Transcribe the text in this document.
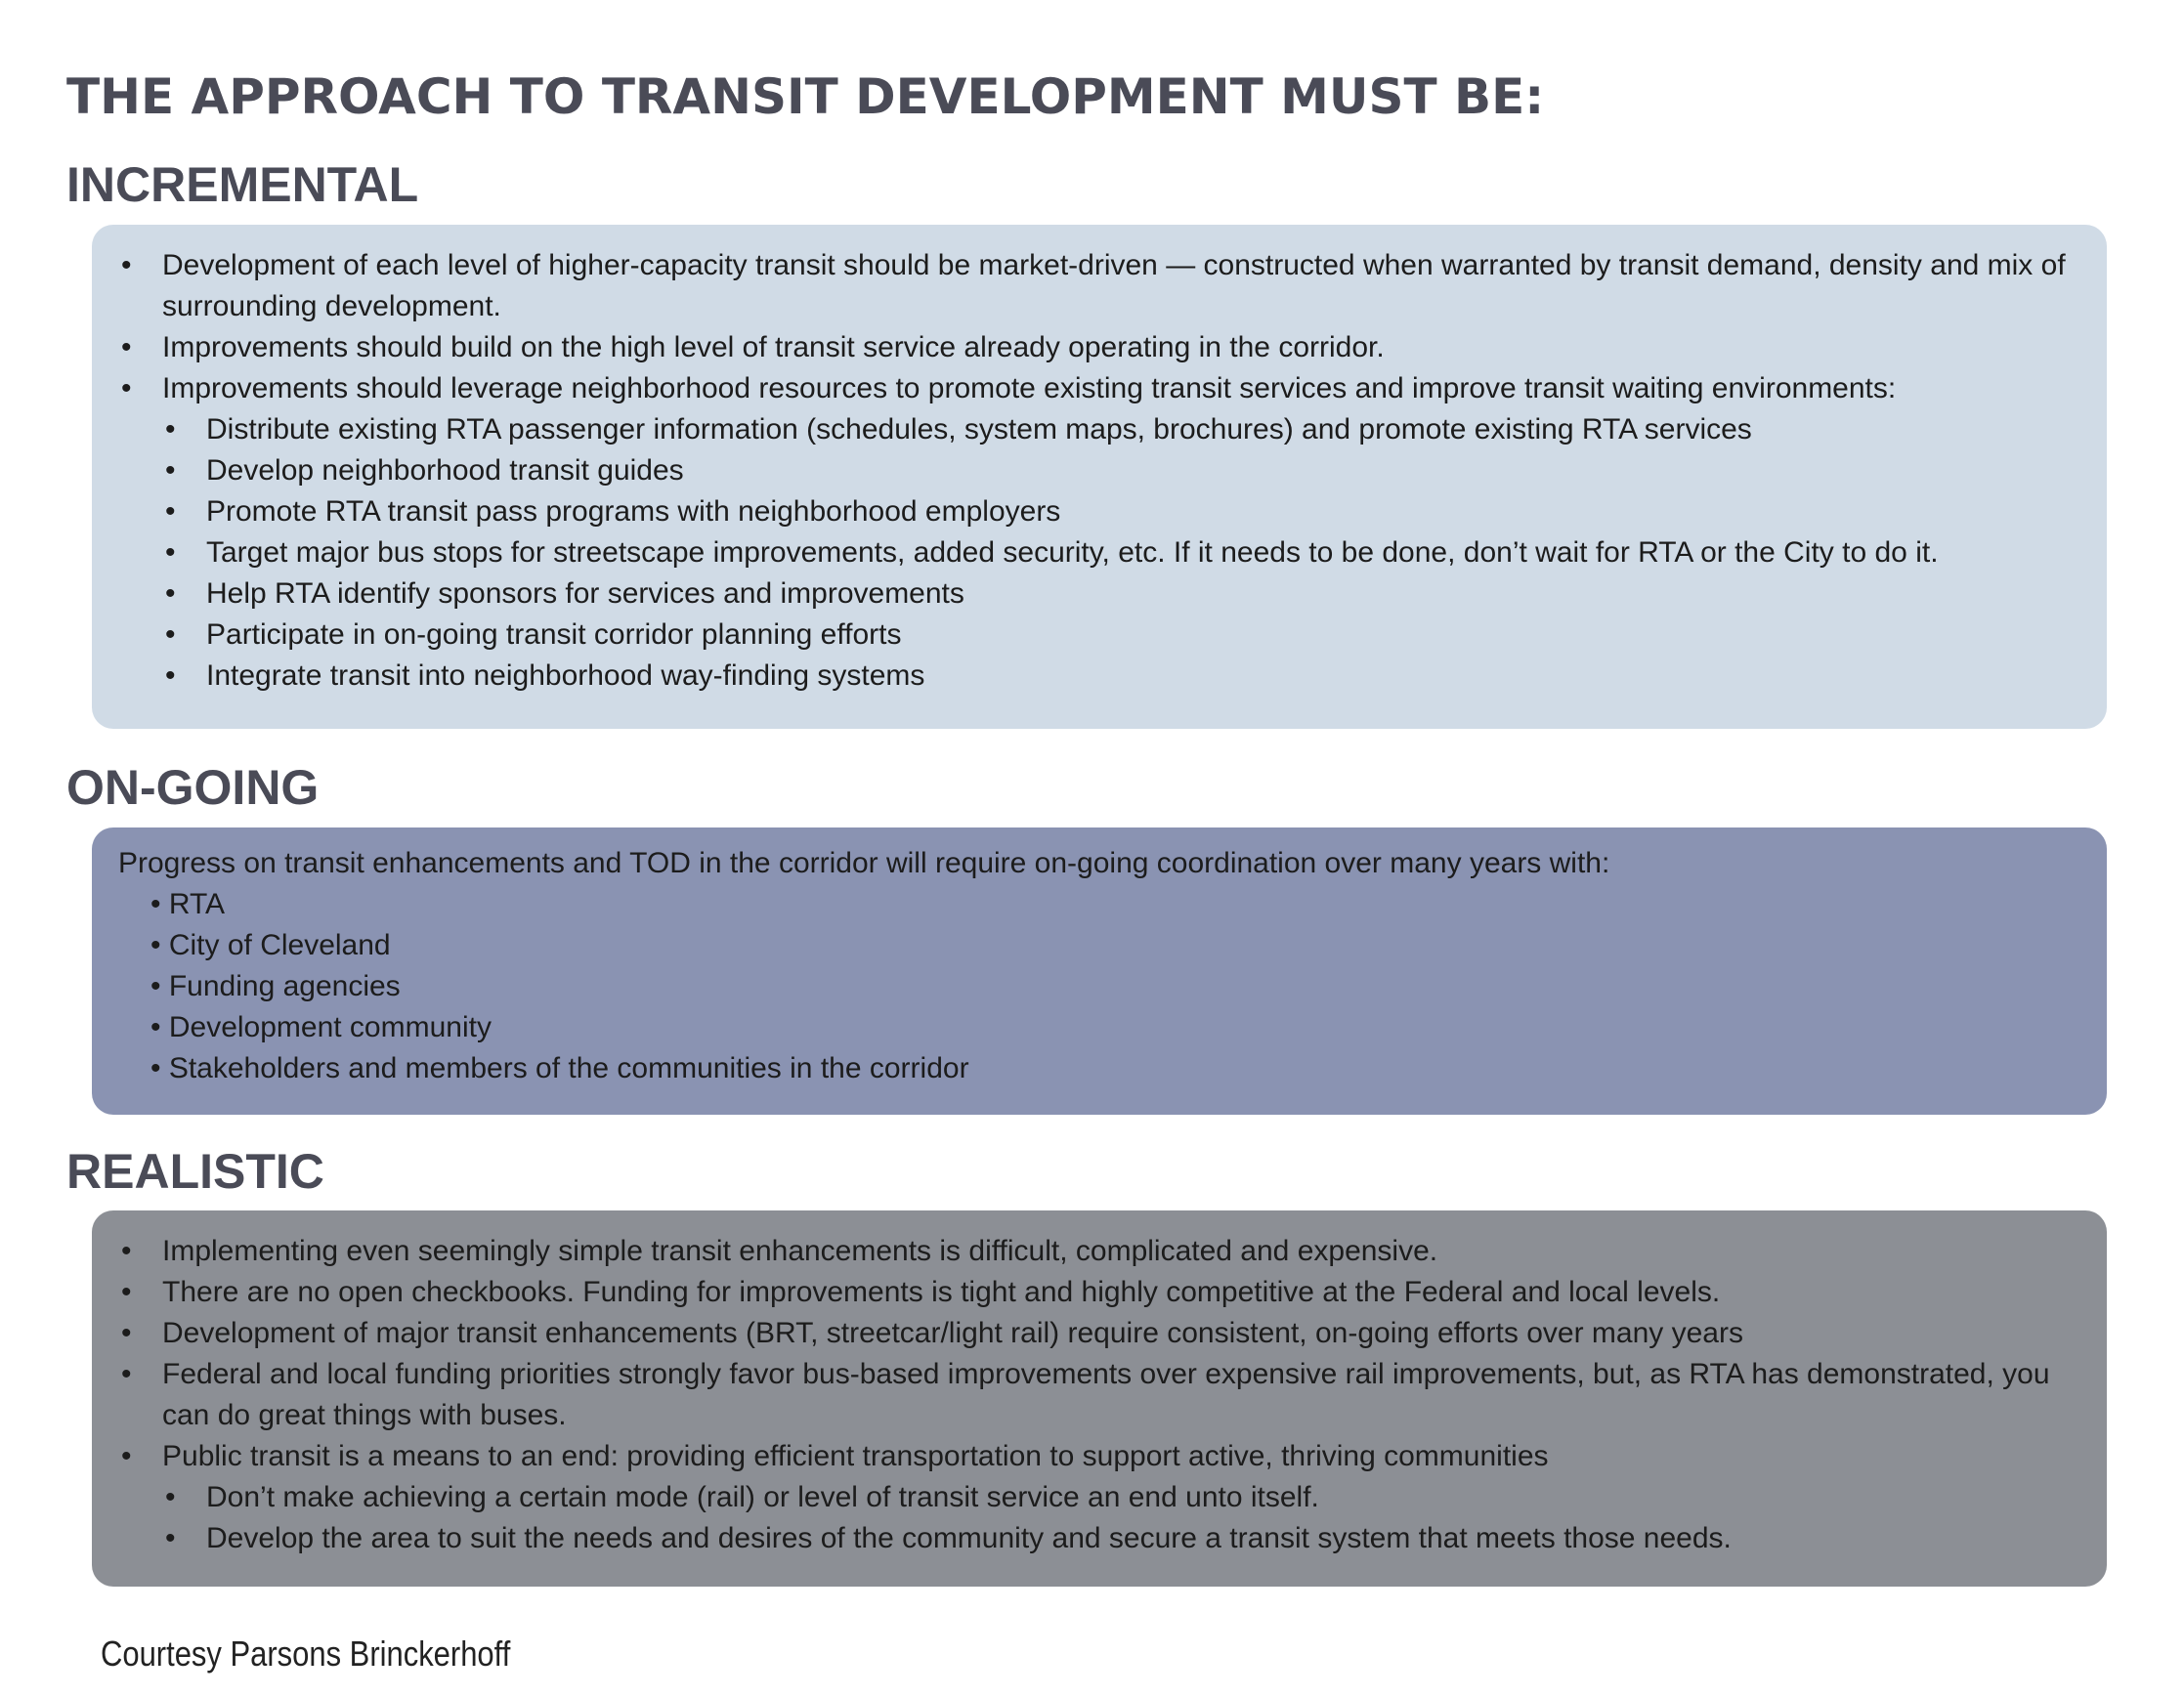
THE APPROACH TO TRANSIT DEVELOPMENT MUST BE:
INCREMENTAL
• Development of each level of higher-capacity transit should be market-driven — constructed when warranted by transit demand, density and mix of surrounding development.
• Improvements should build on the high level of transit service already operating in the corridor.
• Improvements should leverage neighborhood resources to promote existing transit services and improve transit waiting environments:
• Distribute existing RTA passenger information (schedules, system maps, brochures) and promote existing RTA services
• Develop neighborhood transit guides
• Promote RTA transit pass programs with neighborhood employers
• Target major bus stops for streetscape improvements, added security, etc. If it needs to be done, don’t wait for RTA or the City to do it.
• Help RTA identify sponsors for services and improvements
• Participate in on-going transit corridor planning efforts
• Integrate transit into neighborhood way-finding systems
ON-GOING

Progress on transit enhancements and TOD in the corridor will require on-going coordination over many years with:

• RTA
• City of Cleveland
• Funding agencies
• Development community
• Stakeholders and members of the communities in the corridor
REALISTIC
• Implementing even seemingly simple transit enhancements is difficult, complicated and expensive.
• There are no open checkbooks. Funding for improvements is tight and highly competitive at the Federal and local levels.
• Development of major transit enhancements (BRT, streetcar/light rail) require consistent, on-going efforts over many years
• Federal and local funding priorities strongly favor bus-based improvements over expensive rail improvements, but, as RTA has demonstrated, you can do great things with buses.
• Public transit is a means to an end: providing efficient transportation to support active, thriving communities
• Don’t make achieving a certain mode (rail) or level of transit service an end unto itself.
• Develop the area to suit the needs and desires of the community and secure a transit system that meets those needs.

Courtesy Parsons Brinckerhoff
